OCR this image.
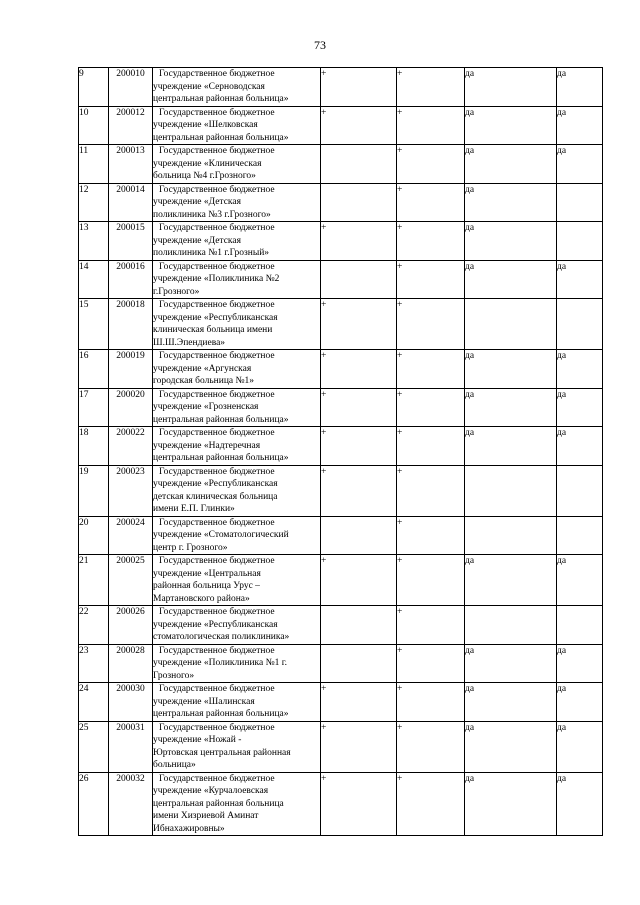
73
9	200010	Государственное бюджетное
учреждение «Серноводская
центральная районная больница»	+	+	да	да
10	200012	Государственное бюджетное
учреждение «Шелковская
центральная районная больница»	+	+	да	да
11	200013	Государственное бюджетное
учреждение «Клиническая
больница №4 г.Грозного»		+	да	да
12	200014	Государственное бюджетное
учреждение «Детская
поликлиника №3 г.Грозного»		+	да	
13	200015	Государственное бюджетное
учреждение «Детская
поликлиника №1 г.Грозный»	+	+	да	
14	200016	Государственное бюджетное
учреждение «Поликлиника №2
г.Грозного»		+	да	да
15	200018	Государственное бюджетное
учреждение «Республиканская
клиническая больница имени
Ш.Ш.Эпендиева»	+	+		
16	200019	Государственное бюджетное
учреждение «Аргунская
городская больница №1»	+	+	да	да
17	200020	Государственное бюджетное
учреждение «Грозненская
центральная районная больница»	+	+	да	да
18	200022	Государственное бюджетное
учреждение «Надтеречная
центральная районная больница»	+	+	да	да
19	200023	Государственное бюджетное
учреждение «Республиканская
детская клиническая больница
имени Е.П. Глинки»	+	+		
20	200024	Государственное бюджетное
учреждение «Стоматологический
центр г. Грозного»		+		
21	200025	Государственное бюджетное
учреждение «Центральная
районная больница Урус –
Мартановского района»	+	+	да	да
22	200026	Государственное бюджетное
учреждение «Республиканская
стоматологическая поликлиника»		+		
23	200028	Государственное бюджетное
учреждение «Поликлиника №1 г.
Грозного»		+	да	да
24	200030	Государственное бюджетное
учреждение «Шалинская
центральная районная больница»	+	+	да	да
25	200031	Государственное бюджетное
учреждение «Ножай -
Юртовская центральная районная
больница»	+	+	да	да
26	200032	Государственное бюджетное
учреждение «Курчалоевская
центральная районная больница
имени Хизриевой Аминат
Ибнахажировны»	+	+	да	да
